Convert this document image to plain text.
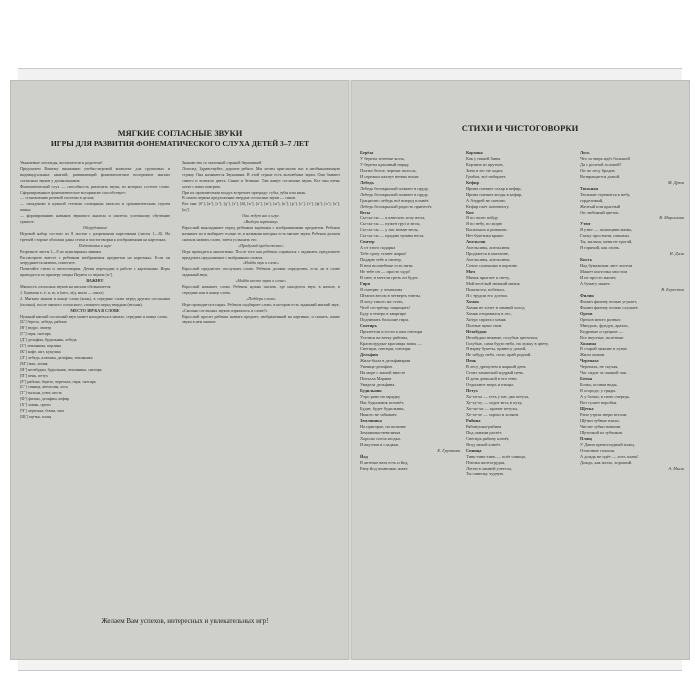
МЯГКИЕ СОГЛАСНЫЕ ЗВУКИ
ИГРЫ ДЛЯ РАЗВИТИЯ ФОНЕМАТИЧЕСКОГО СЛУХА ДЕТЕЙ 3–7 ЛЕТ

Уважаемые логопеды, воспитатели и родители!

Предлагаем Вашему вниманию учебно-игровой комплект для групповых и индивидуальных занятий, развивающий фонематическое восприятие мягких согласных звуков у дошкольников.

Фонематический слух — способность различать звуки, из которых состоит слово. Сформированное фонематическое восприятие способствует:

— становлению речевой системы в целом;

— овладению в нужной степени словарным запасом и грамматическим строем языка;

— формированию навыков звукового анализа и синтеза; успешному обучению грамоте.

Оборудование

Игровой набор состоит из 8 листов с разрезными карточками (листы 1—8). На третьей стороне обложки даны стихи и чистоговорки к изображениям на карточках.

Подготовка к игре

Разрежьте листы 1—8 по пунктирным линиям.

Рассмотрите вместе с ребенком изображения предметов на карточках. Если он затрудняется назвать, помогите.

Почитайте стихи и чистоговорки. Детям переходим к работе с карточками. Игры проводятся по примеру опоры Играем со звуком [м’].

ВАЖНО!

Мягкость согласных звуков на письме обозначается:

1. Буквами е, ё, и, ю, я (мел, лёд, мыло — мило).

2. Мягким знаком в конце слова (конь), в середине слова перед другим согласным (польки), после мягкого согласного, стоящего перед твердым (весная).

МЕСТО ЗВУКА В СЛОВЕ

Нужный мягкий согласный звук может находиться в начале, середине и конце слова.

[Б’] береза, лебедь, рябина

[В’] ведро, свитер

[Г’] гиря, снегирь

[Д’] дельфин, будильник, лебедь

[З’] земляника, корзина

[К’] кофе, кит, кукушка

[Л’] лебедь, клюшка, дельфин, земляника

[М’] мяч, хомяк

[Н’] незабудки, будильник, земляника, снегирь

[П’] пень, петух

[Р’] рябина, береза, черепаха, гиря, снегирь

[С’] синица, апельсин, лось

[Т’] тыльан, утюг, кисть

[Ф’] филин, дельфин, кефир

[Х’] хомяк, орехи

[Ч’] черепаха, бочка, мяч

[Щ’] щетка, плащ

Знакомство со сказочной страной Звуковиней

Логопед. Здравствуйте, дорогие ребята. Мы хотим пригласить вас в необыкновенную страну. Она называется Звуковиня. В этой стране есть волшебные звуки. Они бывают синего и зеленого цвета. Синие и Зеленые. Там живут согласные звуки. Все они очень хотят с вами поиграть.

При их произнесении воздух встречает преграду: губы, зубы или язык.

В самом первом предложении твердые согласные звуки — синие.

Вот они: [б’], [в’], [г’], [д’], [з’], [й], [к’], [л’], [м’], [н’], [п’], [р’], [с’], [т’], [ф’], [х’], [ч’], [щ’].

Они ждут вас в игре.

«Выбери картинку»

Взрослый выкладывает перед ребенком картинки с изображениями предметов. Ребенок называет их и выбирает только те, в названии которых есть мягкие звуки. Ребенок должен сначала назвать слово, затем услышать его.

«Придумай предложение»

Игра проводится аналогично. После того как ребенок справился с заданием, предложите придумать предложение с выбранным словом.

«Найди звук в слове»

Взрослый предлагает послушать слово. Ребенок должен определить, есть ли в слове заданный звук.

«Найди место звука в слове»

Взрослый называет слово. Ребенок нужно сказать, где находится звук: в начале, в середине или в конце слова.

«Подбери слова»

Игра проводится в парах. Ребенок подбирает слово, в котором есть заданный мягкий звук.

«Сколько согласных звуков спряталось в слове?»

Взрослый просит ребенка назвать предмет, изображенный на картинке, и сказать, какие звуки в нем мягкие.

Желаем Вам успехов, интересных и увлекательных игр!
СТИХИ И ЧИСТОГОВОРКИ

Берёза

У березы зеленые косы,

У березы красивый наряд:

Платье белое, черные полосы,

И сережки пахнут ветвях висят.

Лебедь

Лебедь белокрылый плавает в пруду,

Лебедь белокрылый плавает в пруду.

Грациозно лебедь всё вперед плывёт.

Лебедь белокрылый радость принесёт.

Весы

Сы-сы-сы — я взвесить хочу весы,

Сы-сы-сы — нужен груз и весы,

Сы-сы-сы — у нас новые весы,

Сы-сы-сы — продаю нужны весы.

Свитер

А от этого подарка

Тебе сразу станет жарко!

Подарю тебе я свитер,

В нем волшебные есть нити.

Не тебе он — просто чудо!

В свет, в метели греть он будет.

Гиря

Я смотрю: у чемпиона

Штанга весом в четверть тонны.

Я хочу такого же стать,

Чтоб сестрёнку защищать!

Буду я теперь в квартире

Поднимать большие гири.

Снегирь

Прилетели в гости к нам снегири

Уселися на ветку рябины,

Красногрудые красавцы зимы —

Снегири, снегири, снегири.

Дельфин

Жила-была в дельфинарии

Умница-дельфин.

На море с мамой вместе

Поехала Марина

Увидела дельфина.

Будильник

Утро рано на зарядку

Нас будильник позовёт,

Будит, будет будильник,

Никого не забывает.

Земляника

На пригорке, на полянке

Земляника-невеличка

Хорошо спела ягодка,

И вкусная и сладкая.

Е. Груткова

Йод

В аптечке вата есть и йод,

Рану йод помножко жжет.

Корзина

Как у нашей Зины

Корзина из прутьев,

Зина в лес не ходит,

Грибов, всё набирает.

Кефир

Ирина смешит сахар в кефир,

Ирина смешит ягоды в кефир,

А Андрей не спешит,

Кефир пьёт понемногу.

Кит

Я по полю пойду

Я по небу, по морю

Васильков и ромашек.

Нет букетика краше.

Апельсин

Апельсины, апельсины

Продаются в магазине,

Апельсины, апельсины

Сочно солнышко в корзине.

Мяч

Мячик прыгает к свету,

Мой весёлый звонкий мячик

Покатился, побежал,

Я с трудом его догнал.

Хомяк

Хомяк не хочет в зимний холод

Хомяк отправился в лес,

Хитро спрятал хомяк

Полные щеки свои.

Незабудки

Незабудки нежные, голубые цветочки,

Голубые, сами будто небо, на лужку в цвету,

Я нарву букеты, принесу домой,

Не забуду небо, поле, край родной.

Пень

В лесу дремучем в жаркий день

Стоит замшелый мудрый пень.

И день деньской в его тени

Отдыхают зверь и птицы.

Петух

Ха-ха-ха — есть у нас два петуха,

Ху-ху-ху — ходит весь в пуху,

Хи-хи-хи — кричат петухи,

Хе-хе-хе — хорош и хозяин.

Рябина

Рябинушка-рябина

Под окнами растёт.

Снегирь рябину клюёт,

Ягод зимой клюёт.

Синица

Тинь-тинь-тинь — поёт синица,

Птичка желтогрудая,

Летом в зимней улетела,

Ты синичку чудную.

Лось

Что за зверь идёт большой

Да с рогатой головой?

Он по лесу бродит,

Возвращается домой.

М. Дрюн

Тюльпан

Тюльпан стремится к небу,

горделивый,

Желтый или красный

Он любимый цветок.

В. Мирошова

Утюг

Я утюг — помощник мамы,

Глажу простыни, пижамы.

Ты, малыш, меня не трогай,

Я горячий, как огонь.

И. Дали

Кисть

Над бумажным лист листом

Машет кисточка хвостом

И не просто машет,

А бумагу мажет.

В. Берестов

Филин

Филин филину ночью угукает,

Филин филину ночью слушает.

Орехи

Орехов много разных:

Миндаль, фундук, арахис,

Кедровые и грецкие —

Все вкусные, полезные.

Хижина

В старой хижине в лунах

Жили хижин.

Черепаха

Черепаха, не скучая,

Час сидит за чашкой чая.

Бочка

Бочка, полная воды,

В огороде, у гряды.

А у бочки, в свою очередь,

Вот гуляет воробьи.

Щетка

Рано утром звери встали,

Щётки зубные взяли,

Чистят зубки новыми

Щеточкой из зубчиков.

Плащ

У Даши превосходный плащ,

Отличные галоши.

А дождь не идёт — хоть плачь!

Дождь, как назло, хороший.

А. Мыли
